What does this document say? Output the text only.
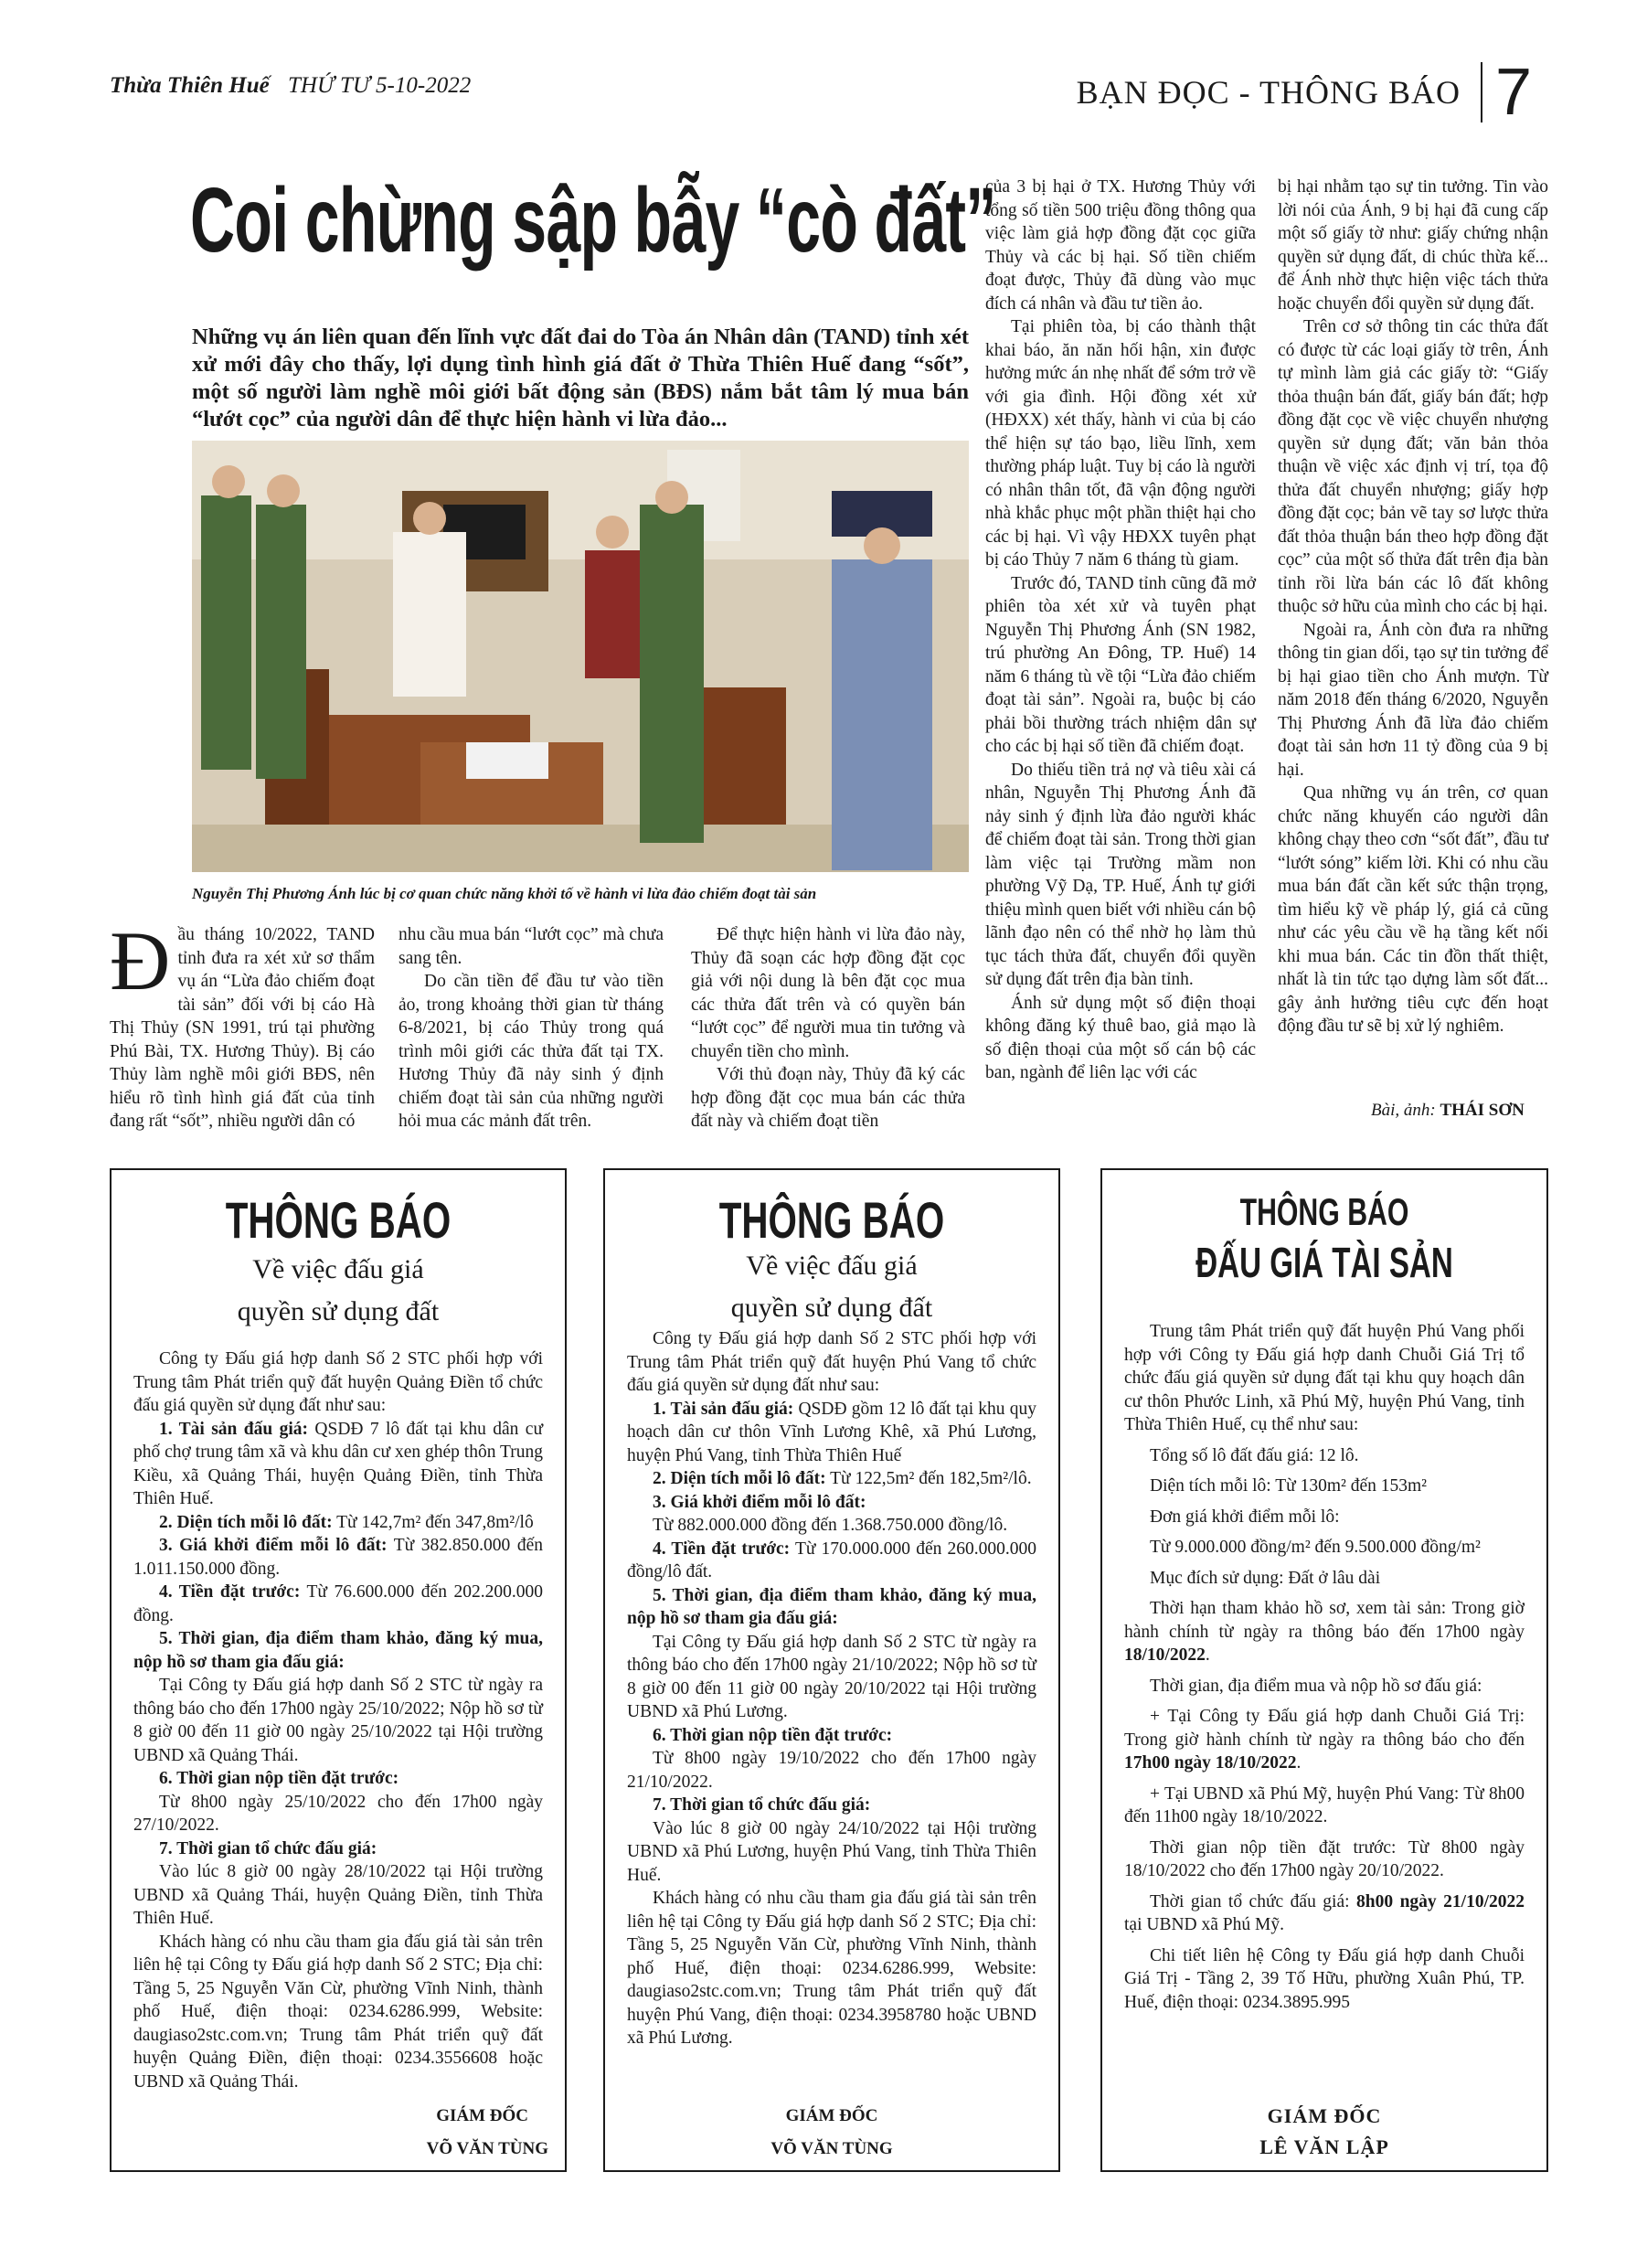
Thừa Thiên Huế THỨ TƯ 5-10-2022	BẠN ĐỌC - THÔNG BÁO 7
Coi chừng sập bẫy “cò đất”
Những vụ án liên quan đến lĩnh vực đất đai do Tòa án Nhân dân (TAND) tỉnh xét xử mới đây cho thấy, lợi dụng tình hình giá đất ở Thừa Thiên Huế đang “sốt”, một số người làm nghề môi giới bất động sản (BĐS) nắm bắt tâm lý mua bán “lướt cọc” của người dân để thực hiện hành vi lừa đảo...
Nguyễn Thị Phương Ánh lúc bị cơ quan chức năng khởi tố về hành vi lừa đảo chiếm đoạt tài sản

Đầu tháng 10/2022, TAND tỉnh đưa ra xét xử sơ thẩm vụ án “Lừa đảo chiếm đoạt tài sản” đối với bị cáo Hà Thị Thủy (SN 1991, trú tại phường Phú Bài, TX. Hương Thủy). Bị cáo Thủy làm nghề môi giới BĐS, nên hiểu rõ tình hình giá đất của tỉnh đang rất “sốt”, nhiều người dân có

nhu cầu mua bán “lướt cọc” mà chưa sang tên.

Do cần tiền để đầu tư vào tiền ảo, trong khoảng thời gian từ tháng 6-8/2021, bị cáo Thủy trong quá trình môi giới các thửa đất tại TX. Hương Thủy đã nảy sinh ý định chiếm đoạt tài sản của những người hỏi mua các mảnh đất trên.

Để thực hiện hành vi lừa đảo này, Thủy đã soạn các hợp đồng đặt cọc giả với nội dung là bên đặt cọc mua các thửa đất trên và có quyền bán “lướt cọc” để người mua tin tưởng và chuyển tiền cho mình.

Với thủ đoạn này, Thủy đã ký các hợp đồng đặt cọc mua bán các thửa đất này và chiếm đoạt tiền

của 3 bị hại ở TX. Hương Thủy với tổng số tiền 500 triệu đồng thông qua việc làm giả hợp đồng đặt cọc giữa Thủy và các bị hại. Số tiền chiếm đoạt được, Thủy đã dùng vào mục đích cá nhân và đầu tư tiền ảo.

Tại phiên tòa, bị cáo thành thật khai báo, ăn năn hối hận, xin được hưởng mức án nhẹ nhất để sớm trở về với gia đình. Hội đồng xét xử (HĐXX) xét thấy, hành vi của bị cáo thể hiện sự táo bạo, liều lĩnh, xem thường pháp luật. Tuy bị cáo là người có nhân thân tốt, đã vận động người nhà khắc phục một phần thiệt hại cho các bị hại. Vì vậy HĐXX tuyên phạt bị cáo Thủy 7 năm 6 tháng tù giam.

Trước đó, TAND tỉnh cũng đã mở phiên tòa xét xử và tuyên phạt Nguyễn Thị Phương Ánh (SN 1982, trú phường An Đông, TP. Huế) 14 năm 6 tháng tù về tội “Lừa đảo chiếm đoạt tài sản”. Ngoài ra, buộc bị cáo phải bồi thường trách nhiệm dân sự cho các bị hại số tiền đã chiếm đoạt.

Do thiếu tiền trả nợ và tiêu xài cá nhân, Nguyễn Thị Phương Ánh đã nảy sinh ý định lừa đảo người khác để chiếm đoạt tài sản. Trong thời gian làm việc tại Trường mầm non phường Vỹ Dạ, TP. Huế, Ánh tự giới thiệu mình quen biết với nhiều cán bộ lãnh đạo nên có thể nhờ họ làm thủ tục tách thửa đất, chuyển đổi quyền sử dụng đất trên địa bàn tỉnh.

Ánh sử dụng một số điện thoại không đăng ký thuê bao, giả mạo là số điện thoại của một số cán bộ các ban, ngành để liên lạc với các

bị hại nhằm tạo sự tin tưởng. Tin vào lời nói của Ánh, 9 bị hại đã cung cấp một số giấy tờ như: giấy chứng nhận quyền sử dụng đất, di chúc thừa kế... để Ánh nhờ thực hiện việc tách thửa hoặc chuyển đổi quyền sử dụng đất.

Trên cơ sở thông tin các thửa đất có được từ các loại giấy tờ trên, Ánh tự mình làm giả các giấy tờ: “Giấy thỏa thuận bán đất, giấy bán đất; hợp đồng đặt cọc về việc chuyển nhượng quyền sử dụng đất; văn bản thỏa thuận về việc xác định vị trí, tọa độ thửa đất chuyển nhượng; giấy hợp đồng đặt cọc; bản vẽ tay sơ lược thửa đất thỏa thuận bán theo hợp đồng đặt cọc” của một số thửa đất trên địa bàn tỉnh rồi lừa bán các lô đất không thuộc sở hữu của mình cho các bị hại.

Ngoài ra, Ánh còn đưa ra những thông tin gian dối, tạo sự tin tưởng để bị hại giao tiền cho Ánh mượn. Từ năm 2018 đến tháng 6/2020, Nguyễn Thị Phương Ánh đã lừa đảo chiếm đoạt tài sản hơn 11 tỷ đồng của 9 bị hại.

Qua những vụ án trên, cơ quan chức năng khuyến cáo người dân không chạy theo cơn “sốt đất”, đầu tư “lướt sóng” kiếm lời. Khi có nhu cầu mua bán đất cần kết sức thận trọng, tìm hiểu kỹ về pháp lý, giá cả cũng như các yêu cầu về hạ tầng kết nối khi mua bán. Các tin đồn thất thiệt, nhất là tin tức tạo dựng làm sốt đất... gây ảnh hưởng tiêu cực đến hoạt động đầu tư sẽ bị xử lý nghiêm.

Bài, ảnh: THÁI SƠN
THÔNG BÁO
Về việc đấu giá
quyền sử dụng đất

Công ty Đấu giá hợp danh Số 2 STC phối hợp với Trung tâm Phát triển quỹ đất huyện Quảng Điền tổ chức đấu giá quyền sử dụng đất như sau:

1. Tài sản đấu giá: QSDĐ 7 lô đất tại khu dân cư phố chợ trung tâm xã và khu dân cư xen ghép thôn Trung Kiều, xã Quảng Thái, huyện Quảng Điền, tỉnh Thừa Thiên Huế.

2. Diện tích mỗi lô đất: Từ 142,7m² đến 347,8m²/lô

3. Giá khởi điểm mỗi lô đất: Từ 382.850.000 đến 1.011.150.000 đồng.

4. Tiền đặt trước: Từ 76.600.000 đến 202.200.000 đồng.

5. Thời gian, địa điểm tham khảo, đăng ký mua, nộp hồ sơ tham gia đấu giá:

Tại Công ty Đấu giá hợp danh Số 2 STC từ ngày ra thông báo cho đến 17h00 ngày 25/10/2022; Nộp hồ sơ từ 8 giờ 00 đến 11 giờ 00 ngày 25/10/2022 tại Hội trường UBND xã Quảng Thái.

6. Thời gian nộp tiền đặt trước:

Từ 8h00 ngày 25/10/2022 cho đến 17h00 ngày 27/10/2022.

7. Thời gian tổ chức đấu giá:

Vào lúc 8 giờ 00 ngày 28/10/2022 tại Hội trường UBND xã Quảng Thái, huyện Quảng Điền, tỉnh Thừa Thiên Huế.

Khách hàng có nhu cầu tham gia đấu giá tài sản trên liên hệ tại Công ty Đấu giá hợp danh Số 2 STC; Địa chỉ: Tầng 5, 25 Nguyễn Văn Cừ, phường Vĩnh Ninh, thành phố Huế, điện thoại: 0234.6286.999, Website: daugiaso2stc.com.vn; Trung tâm Phát triển quỹ đất huyện Quảng Điền, điện thoại: 0234.3556608 hoặc UBND xã Quảng Thái.

GIÁM ĐỐC
VÕ VĂN TÙNG
THÔNG BÁO
Về việc đấu giá
quyền sử dụng đất

Công ty Đấu giá hợp danh Số 2 STC phối hợp với Trung tâm Phát triển quỹ đất huyện Phú Vang tổ chức đấu giá quyền sử dụng đất như sau:

1. Tài sản đấu giá: QSDĐ gồm 12 lô đất tại khu quy hoạch dân cư thôn Vĩnh Lương Khê, xã Phú Lương, huyện Phú Vang, tỉnh Thừa Thiên Huế

2. Diện tích mỗi lô đất: Từ 122,5m² đến 182,5m²/lô.

3. Giá khởi điểm mỗi lô đất:

Từ 882.000.000 đồng đến 1.368.750.000 đồng/lô.

4. Tiền đặt trước: Từ 170.000.000 đến 260.000.000 đồng/lô đất.

5. Thời gian, địa điểm tham khảo, đăng ký mua, nộp hồ sơ tham gia đấu giá:

Tại Công ty Đấu giá hợp danh Số 2 STC từ ngày ra thông báo cho đến 17h00 ngày 21/10/2022; Nộp hồ sơ từ 8 giờ 00 đến 11 giờ 00 ngày 20/10/2022 tại Hội trường UBND xã Phú Lương.

6. Thời gian nộp tiền đặt trước:

Từ 8h00 ngày 19/10/2022 cho đến 17h00 ngày 21/10/2022.

7. Thời gian tổ chức đấu giá:

Vào lúc 8 giờ 00 ngày 24/10/2022 tại Hội trường UBND xã Phú Lương, huyện Phú Vang, tỉnh Thừa Thiên Huế.

Khách hàng có nhu cầu tham gia đấu giá tài sản trên liên hệ tại Công ty Đấu giá hợp danh Số 2 STC; Địa chỉ: Tầng 5, 25 Nguyễn Văn Cừ, phường Vĩnh Ninh, thành phố Huế, điện thoại: 0234.6286.999, Website: daugiaso2stc.com.vn; Trung tâm Phát triển quỹ đất huyện Phú Vang, điện thoại: 0234.3958780 hoặc UBND xã Phú Lương.

GIÁM ĐỐC
VÕ VĂN TÙNG
THÔNG BÁO
ĐẤU GIÁ TÀI SẢN

Trung tâm Phát triển quỹ đất huyện Phú Vang phối hợp với Công ty Đấu giá hợp danh Chuỗi Giá Trị tổ chức đấu giá quyền sử dụng đất tại khu quy hoạch dân cư thôn Phước Linh, xã Phú Mỹ, huyện Phú Vang, tỉnh Thừa Thiên Huế, cụ thể như sau:

Tổng số lô đất đấu giá: 12 lô.

Diện tích mỗi lô: Từ 130m² đến 153m²

Đơn giá khởi điểm mỗi lô:

Từ 9.000.000 đồng/m² đến 9.500.000 đồng/m²

Mục đích sử dụng: Đất ở lâu dài

Thời hạn tham khảo hồ sơ, xem tài sản: Trong giờ hành chính từ ngày ra thông báo đến 17h00 ngày 18/10/2022.

Thời gian, địa điểm mua và nộp hồ sơ đấu giá:

+ Tại Công ty Đấu giá hợp danh Chuỗi Giá Trị: Trong giờ hành chính từ ngày ra thông báo cho đến 17h00 ngày 18/10/2022.

+ Tại UBND xã Phú Mỹ, huyện Phú Vang: Từ 8h00 đến 11h00 ngày 18/10/2022.

Thời gian nộp tiền đặt trước: Từ 8h00 ngày 18/10/2022 cho đến 17h00 ngày 20/10/2022.

Thời gian tổ chức đấu giá: 8h00 ngày 21/10/2022 tại UBND xã Phú Mỹ.

Chi tiết liên hệ Công ty Đấu giá hợp danh Chuỗi Giá Trị - Tầng 2, 39 Tố Hữu, phường Xuân Phú, TP. Huế, điện thoại: 0234.3895.995

GIÁM ĐỐC
LÊ VĂN LẬP
